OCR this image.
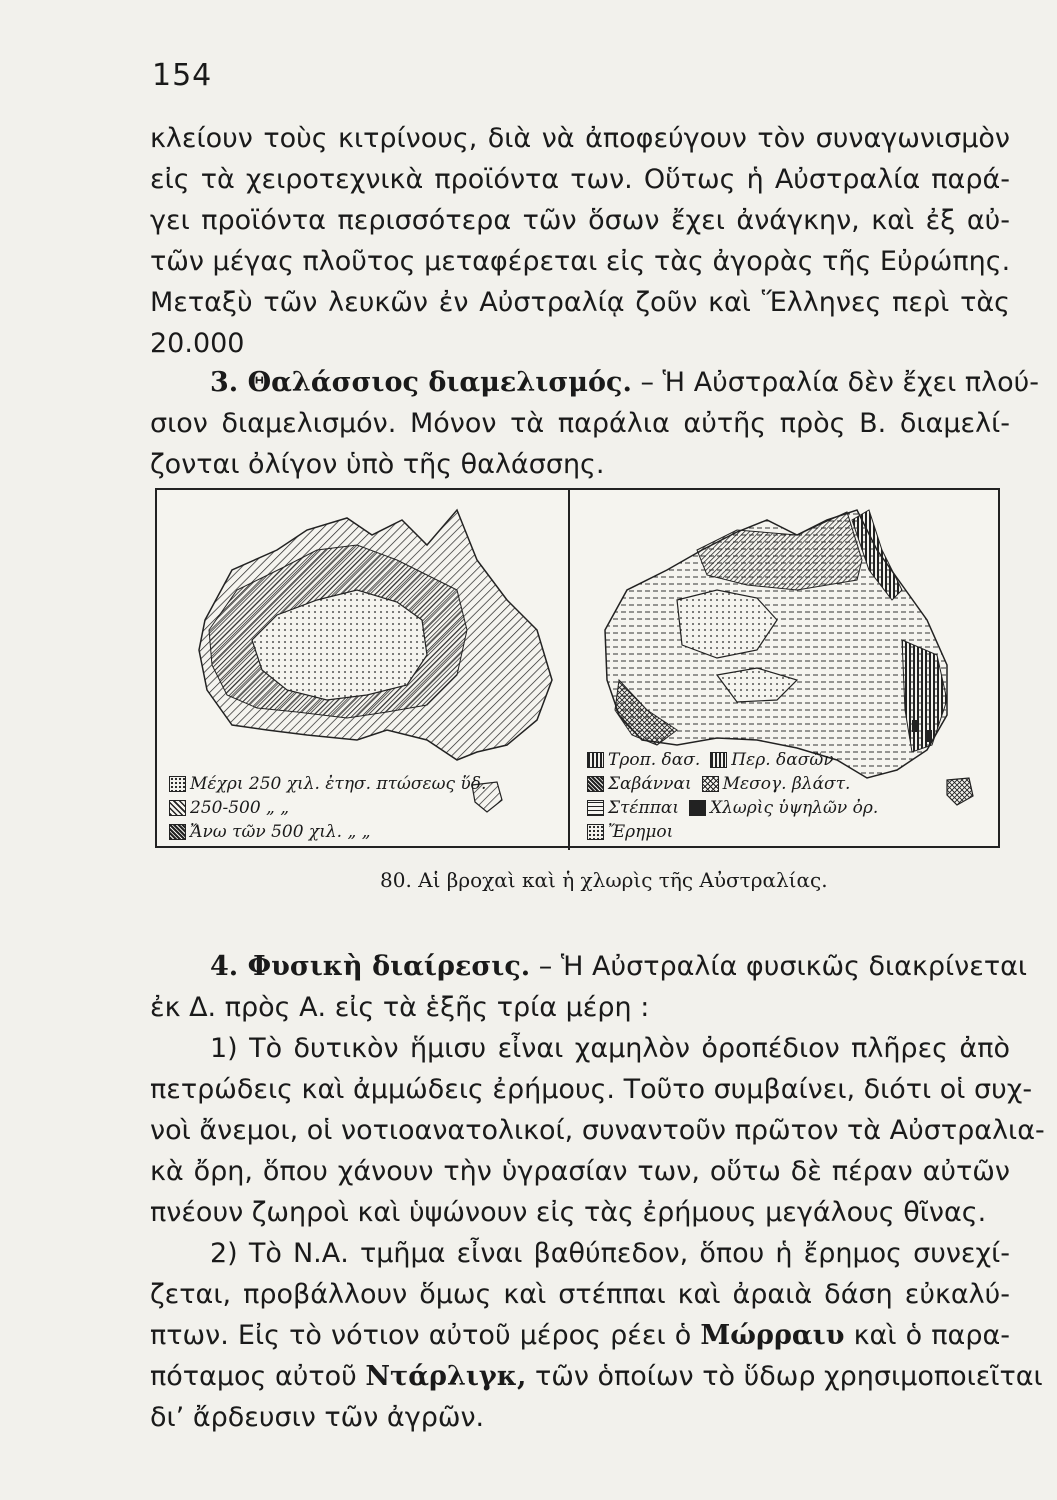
154
κλείουν τοὺς κιτρίνους, διὰ νὰ ἀποφεύγουν τὸν συναγωνισμὸν
εἰς τὰ χειροτεχνικὰ προϊόντα των. Οὕτως ἡ Αὐστραλία παρά-
γει προϊόντα περισσότερα τῶν ὅσων ἔχει ἀνάγκην, καὶ ἐξ αὐ-
τῶν μέγας πλοῦτος μεταφέρεται εἰς τὰς ἀγορὰς τῆς Εὐρώπης.
Μεταξὺ τῶν λευκῶν ἐν Αὐστραλίᾳ ζοῦν καὶ Ἕλληνες περὶ τὰς
20.000
3. Θαλάσσιος διαμελισμός. – Ἡ Αὐστραλία δὲν ἔχει πλού-
σιον διαμελισμόν. Μόνον τὰ παράλια αὐτῆς πρὸς Β. διαμελί-
ζονται ὀλίγον ὑπὸ τῆς θαλάσσης.
Μέχρι 250 χιλ. ἐτησ. πτώσεως ὕδ.
250-500 „ „
Ἄνω τῶν 500 χιλ. „ „
Τροπ. δασ. Περ. δασῶν
Σαβάνναι Μεσογ. βλάστ.
Στέππαι Χλωρὶς ὑψηλῶν ὀρ.
Ἔρημοι
80. Αἱ βροχαὶ καὶ ἡ χλωρὶς τῆς Αὐστραλίας.
4. Φυσικὴ διαίρεσις. – Ἡ Αὐστραλία φυσικῶς διακρίνεται
ἐκ Δ. πρὸς Α. εἰς τὰ ἑξῆς τρία μέρη :
1) Τὸ δυτικὸν ἥμισυ εἶναι χαμηλὸν ὀροπέδιον πλῆρες ἀπὸ
πετρώδεις καὶ ἀμμώδεις ἐρήμους. Τοῦτο συμβαίνει, διότι οἱ συχ-
νοὶ ἄνεμοι, οἱ νοτιοανατολικοί, συναντοῦν πρῶτον τὰ Αὐστραλια-
κὰ ὄρη, ὅπου χάνουν τὴν ὑγρασίαν των, οὕτω δὲ πέραν αὐτῶν
πνέουν ζωηροὶ καὶ ὑψώνουν εἰς τὰς ἐρήμους μεγάλους θῖνας.
2) Τὸ Ν.Α. τμῆμα εἶναι βαθύπεδον, ὅπου ἡ ἔρημος συνεχί-
ζεται, προβάλλουν ὅμως καὶ στέππαι καὶ ἀραιὰ δάση εὐκαλύ-
πτων. Εἰς τὸ νότιον αὐτοῦ μέρος ρέει ὁ Μώρραιυ καὶ ὁ παρα-
πόταμος αὐτοῦ Ντάρλιγκ, τῶν ὁποίων τὸ ὕδωρ χρησιμοποιεῖται
δι’ ἄρδευσιν τῶν ἀγρῶν.
